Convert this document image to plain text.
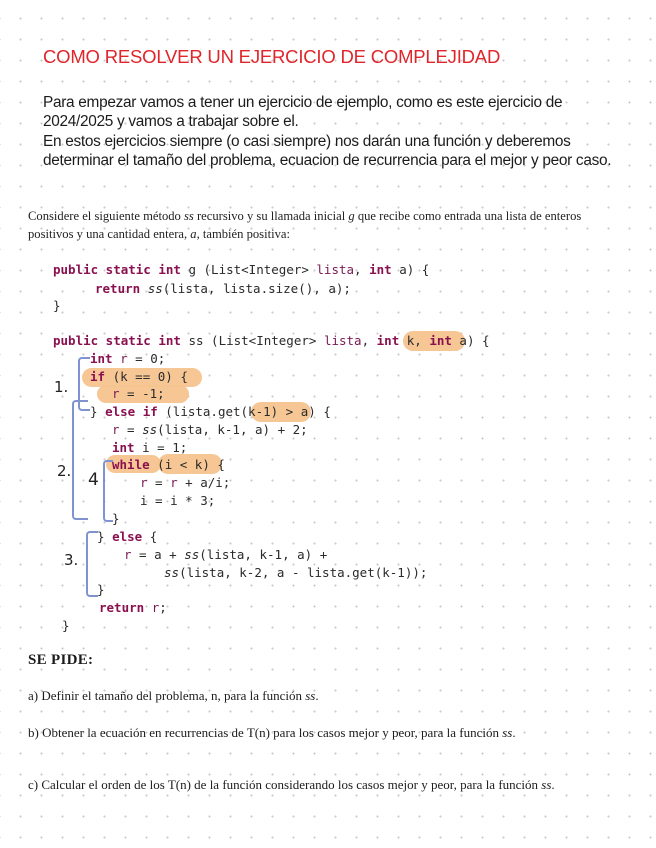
COMO RESOLVER UN EJERCICIO DE COMPLEJIDAD

Para empezar vamos a tener un ejercicio de ejemplo, como es este ejercicio de 2024/2025 y vamos a trabajar sobre el.

En estos ejercicios siempre (o casi siempre) nos darán una función y deberemos determinar el tamaño del problema, ecuacion de recurrencia para el mejor y peor caso.

Considere el siguiente método ss recursivo y su llamada inicial g que recibe como entrada una lista de enteros positivos y una cantidad entera, a, también positiva:

public static int g (List<Integer> lista, int a) {
return ss(lista, lista.size(), a);
}
public static int ss (List<Integer> lista, int k, int a) {
int r = 0;
if (k == 0) {
r = -1;
} else if (lista.get(k-1) > a) {
r = ss(lista, k-1, a) + 2;
int i = 1;
while (i < k) {
r = r + a/i;
i = i * 3;
}
} else {
r = a + ss(lista, k-1, a) +
ss(lista, k-2, a - lista.get(k-1));
}
return r;
}
1.
2. 4
3.
SE PIDE:

a) Definir el tamaño del problema, n, para la función ss.

b) Obtener la ecuación en recurrencias de T(n) para los casos mejor y peor, para la función ss.

c) Calcular el orden de los T(n) de la función considerando los casos mejor y peor, para la función ss.
